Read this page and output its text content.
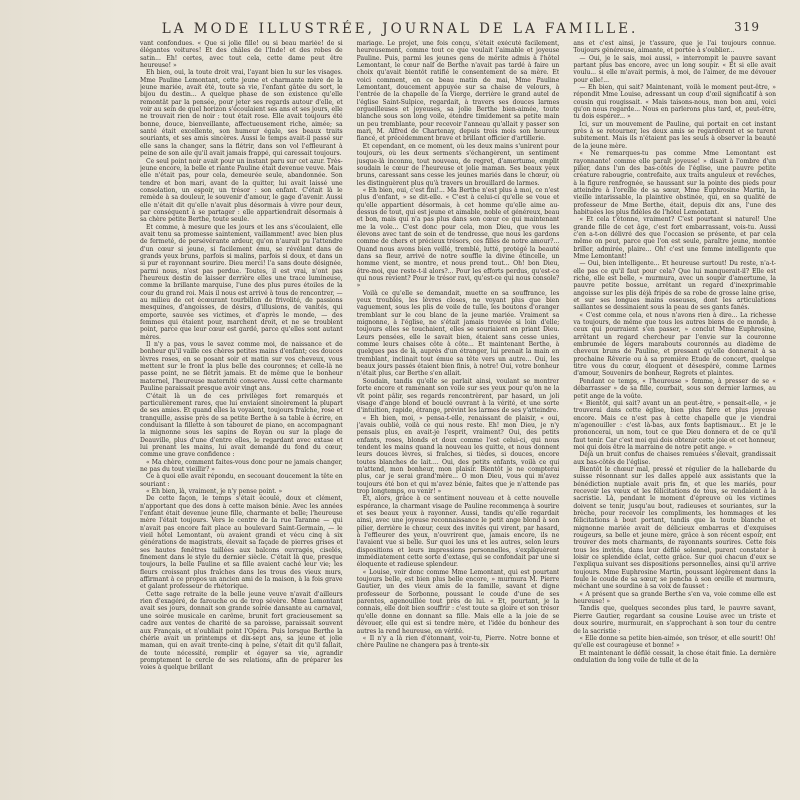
LA MODE ILLUSTRÉE, JOURNAL DE LA FAMILLE.	319

vant confondues. « Que si jolie fille! ou si beau mariée! de si élégantes voitures! Et des châles de l'Inde! et des robes de satin... Eh! certes, avec tout cela, cette dame peut être heureuse! »

Eh bien, oui, la toute droit vrai, l'ayant bien lu sur les visages. Mme Pauline Lemontant, cette jeune et charmante mère de la jeune mariée, avait été, toute sa vie, l'enfant gâtée du sort, le bijou du destin... A quelque phase de son existence qu'elle remontât par la pensée, pour jeter ses regards autour d'elle, et voir au sein de quel horizon s'écoulaient ses ans et ses jours, elle ne trouvait rien de noir : tout était rose. Elle avait toujours été bonne, douce, bienveillante, affectueusement riche, aimée; sa santé était excellente, son humeur égale, ses beaux traits souriants, et ses amis sincères. Aussi le temps avait-il passé sur elle sans la changer, sans la flétrir, dans son vol l'effleurant à peine de son aile qu'il avait jamais frappé, qui caressait toujours.

Ce seul point noir avait pour un instant paru sur cet azur. Très-jeune encore, la belle et riante Pauline était devenue veuve. Mais elle n'était pas, pour cela, demeurée seule, abandonnée. Son tendre et bon mari, avant de la quitter, lui avait laissé une consolation, un espoir, un trésor : son enfant. C'était là le remède à sa douleur, le souvenir d'amour, le gage d'avenir. Aussi elle n'était dit qu'elle n'avait plus désormais à vivre pour deux, par conséquent à se partager : elle appartiendrait désormais à sa chère petite Berthe, toute seule.

Et comme, à mesure que les jours et les ans s'écoulaient, elle avait tenu sa promesse saintement, vaillamment! avec bien plus de fermeté, de persévérante ardeur, qu'on n'aurait pu l'attendre d'un cœur si jeune, si facilement ému, se révélant dans de grands yeux bruns, parfois si malins, parfois si doux, et dans un si pur et rayonnant sourire. Dieu merci! l'a sans doute désignée, parmi nous, n'est pas perdue. Toutes, il est vrai, n'ont pas l'heureux destin de laisser derrière elles une trace lumineuse, comme la brillante marquise, l'une des plus pures étoiles de la cour du grand roi. Mais il nous est arrivé à tous de rencontrer, — au milieu de cet écœurant tourbillon de frivolité, de passions mesquines, d'angoisses, de désirs, d'illusions, de vanités, qui emporte, sauvée ses victimes, et d'après le monde, — des femmes qui étaient pour, marchent droit, et ne se troublent point, parce que leur cœur est gardé, parce qu'elles sont autant mères.

Il n'y a pas, vous le savez comme moi, de naissance et de bonheur qu'il vaille ces chères petites mains d'enfant; ces douces lèvres roses, en se posant soir et matin sur vos cheveux, vous mettent sur le front la plus belle des couronnes; et celle-là ne passe point, ne se flétrit jamais. Et de même que le bonheur maternel, l'heureuse maternité conserve. Aussi cette charmante Pauline paraissait presque avoir vingt ans.

C'était là un de ces privilèges fort remarqués et particulièrement rares, que lui enviaient sincèrement la plupart de ses amies. Et quand elles la voyaient, toujours fraîche, rose et tranquille, assise près de sa petite Berthe à sa table à écrire, en conduisant la fillette à son tabouret de piano, en accompagnant la mignonne sous les sapins de Royan ou sur la plage de Deauville, plus d'une d'entre elles, le regardant avec extase et lui prenant les mains, lui avait demandé du fond du cœur, comme une grave confidence :

« Ma chère, comment faites-vous donc pour ne jamais changer, ne pas du tout vieillir? »

Ce à quoi elle avait répondu, en secouant doucement la tête en souriant :

« Eh bien, là, vraiment, je n'y pense point. »

De cette façon, le temps s'était écoulé, doux et clément, n'apportant que des dons à cette maison bénie. Avec les années l'enfant était devenue jeune fille, charmante et belle; l'heureuse mère l'était toujours. Vers le centre de la rue Taranne — qui n'avait pas encore fait place au boulevard Saint-Germain, — le vieil hôtel Lemontant, où avaient grandi et vécu cinq à six générations de magistrats, élevait sa façade de pierres grises et ses hautes fenêtres taillées aux balcons ouvragés, ciselés, finement dans le style du dernier siècle. C'était là que, presque toujours, la belle Pauline et sa fille avaient caché leur vie; les fleurs croissant plus fraîches dans les trous des vieux murs, affirmant à ce propos un ancien ami de la maison, à la fois grave et galant professeur de rhétorique.

Cette sage retraite de la belle jeune veuve n'avait d'ailleurs rien d'exagéré, de farouche ou de trop sévère. Mme Lemontant avait ses jours, donnait son grande soirée dansante au carnaval, une soirée musicale en carême, brunit fort gracieusement sa cadre aux ventes de charité de sa paroisse, paraissait souvent aux Français, et n'oubliait point l'Opéra. Puis lorsque Berthe la chérie avait un printemps et dix-sept ans, sa jeune et jolie maman, qui en avait trente-cinq à peine, s'était dit qu'il fallait, de toute nécessité, remplir et égayer sa vie, agrandir promptement le cercle de ses relations, afin de préparer les voies à quelque brillant

mariage. Le projet, une fois conçu, s'était exécuté facilement, heureusement, comme tout ce que voulait l'aimable et joyeuse Pauline. Puis, parmi les jeunes gens de mérite admis à l'hôtel Lemontant, le cœur naïf de Berthe n'avait pas tardé à faire un choix qu'avait bientôt ratifié le consentement de sa mère. Et voici comment, en ce beau matin de mai, Mme Pauline Lemontant, doucement appuyée sur sa chaise de velours, à l'entrée de la chapelle de la Vierge, derrière le grand autel de l'église Saint-Sulpice, regardait, à travers ses douces larmes orgueilleuses et joyeuses, sa jolie Berthe bien-aimée, toute blanche sous son long voile, étendre timidement sa petite main un peu tremblante, pour recevoir l'anneau qu'allait y passer son mari, M. Alfred de Chartenay, depuis trois mois son heureux fiancé, et précédemment brave et brillant officier d'artillerie.

Et cependant, en ce moment, où les deux mains s'unirent pour toujours, où les deux serments s'échangèrent, un sentiment jusque-là inconnu, tout nouveau, de regret, d'amertume, emplit soudain le cœur de l'heureuse et jolie maman. Ses beaux yeux bruns, caressant sans cesse les jeunes mariés dans le chœur, où les distinguèrent plus qu'à travers un brouillard de larmes.

« Eh bien, oui, c'est fini!... Ma Berthe n'est plus à moi, ce n'est plus d'enfant, » se dit-elle. « C'est à celui-ci qu'elle se voue et qu'elle appartient désormais, à cet homme qu'elle aime au-dessus de tout, qui est jeune et aimable, noble et généreux, beau et bon, mais qui n'a pas plus dans son cœur ce qui maintenant me la vole... C'est donc pour cela, mon Dieu, que vous les élevons avec tant de soin et de tendresse, que nous les gardons comme de chers et précieux trésors, ces filles de notre amour?... Quand nous avons bien veillé, tremblé, lutté, protégé la beauté dans sa fleur, arrivé de notre souffle la divine étincelle, un homme vient, se montre, et nous prend tout... Oh! bon Dieu, être-moi, que reste-t-il alors?... Pour les efforts perdus, qu'est-ce qui nous revient? Pour le trésor ravi, qu'est-ce qui nous console? »

Voilà ce qu'elle se demandait, muette en sa souffrance, les yeux troublés, les lèvres closes, ne voyant plus que bien vaguement, sous les plis de voile de tulle, les boutons d'oranger tremblant sur le cou blanc de la jeune mariée. Vraiment sa mignonne, à l'église, ne s'était jamais trouvée si loin d'elle; toujours elles se touchaient, elles se souriaient en priant Dieu. Leurs pensées, elle le savait bien, étaient sans cesse unies, comme leurs chaises côte à côte... Et maintenant Berthe, à quelques pas de là, auprès d'un étranger, lui prenait la main en tremblant, inclinait tout émue sa tête vers un autre... Oui, les beaux jours passés étaient bien finis, à notre! Oui, votre bonheur n'était plus, car Berthe s'en allait.

Soudain, tandis qu'elle se parlait ainsi, voulant se montrer forte encore et ramenant son voile sur ses yeux pour qu'on ne la vît point pâlir, ses regards rencontrèrent, par hasard, un joli visage d'ange blond et bouclé ouvrant à la vérité, et une sorte d'intuition, rapide, étrange, prévint les larmes de ses y'atteindre.

« Eh bien, moi, » pensa-t-elle, renaissant de plaisir, « oui, j'avais oublié, voilà ce qui nous reste. Eh! mon Dieu, je n'y pensais plus, en avait-je l'esprit, vraiment? Oui, des petits enfants, roses, blonds et doux comme l'est celui-ci, qui nous tendent les mains quand la nouveau les quitte, et nous donnent leurs douces lèvres, si fraîches, si tièdes, si douces, encore toutes blanches de lait.... Oui, des petits enfants, voilà ce qui m'attend, mon bonheur, mon plaisir. Bientôt je ne compterai plus, car je serai grand'mère... O mon Dieu, vous qui m'avez toujours été bon et qui m'avez bénie, faites que je n'attende pas trop longtemps, ou venir! »

Et, alors, grâce à ce sentiment nouveau et à cette nouvelle espérance, la charmant visage de Pauline recommença à sourire et ses beaux yeux à rayonner. Aussi, tandis qu'elle regardait ainsi, avec une joyeuse reconnaissance le petit ange blond à son pilier, derrière le chœur, ceux des invités qui virent, par hasard, à l'effleurer des yeux, n'ouvrirent que, jamais encore, ils ne l'avaient vue si belle. Sur quoi les uns et les autres, selon leurs dispositions et leurs impressions personnelles, s'expliquèrent immédiatement cette sorte d'extase, qui se confondait par une si éloquente et radieuse splendeur.

« Louise, voir donc comme Mme Lemontant, qui est pourtant toujours belle, est bien plus belle encore, » murmura M. Pierre Gautier, un des vieux amis de la famille, savant et digne professeur de Sorbonne, poussant le coude d'une de ses parentes, agenouillée tout près de lui. « Et, pourtant, je la connais, elle doit bien souffrir : c'est toute sa gloire et son trésor qu'elle donne en donnant sa fille. Mais elle a la joie de se dévouer, elle qui est si tendre mère, et l'idée du bonheur des autres la rend heureuse, en vérité.

« Il n'y a là rien d'étonnant, voir-tu, Pierre. Notre bonne et chère Pauline ne changera pas à trente-six

ans et c'est ainsi, je t'assure, que je l'ai toujours connue. Toujours généreuse, aimante, et portée à s'oublier...

— Oui, je le sais, moi aussi, » interrompit le pauvre savant partant plus bas encore, avec un long soupir. « Et si elle avait voulu... si elle m'avait permis, à moi, de l'aimer, de me dévouer pour elle!...

— Eh bien, qui sait? Maintenant, voilà le moment peut-être, » répondit Mme Louise, adressant un coup d'œil significatif à son cousin qui rougissait. « Mais taisons-nous, mon bon ami, voici qu'on nous regarde... Nous en parlerons plus tard, et, peut-être, tu dois espérer... »

Ici, sur un mouvement de Pauline, qui portait en cet instant près à se retourner, les deux amis se regardèrent et se turent subitement. Mais ils n'étaient pas les seuls à observer la beauté de la jeune mère.

« Ne remarques-tu pas comme Mme Lemontant est rayonnante! comme elle paraît joyeuse! » disait à l'ombre d'un pilier, dans l'un des bas-côtés de l'église, une pauvre petite créature rabougrie, contrefaite, aux traits anguleux et revêches, à la figure renfrognée, se haussant sur la pointe des pieds pour atteindre à l'oreille de sa sœur, Mme Euphrosine Martin, la vieille intarissable, la plaintive obstinée, qui, en sa qualité de professeur de Mme Berthe, était, depuis dix ans, l'une des habituées les plus fidèles de l'hôtel Lemontant.

« Et cela t'étonne, vraiment? C'est pourtant si naturel! Une grande fille de cet âge, c'est fort embarrassant, vois-tu. Aussi c'en a-t-on délivré des que l'occasion se présente, et par cela même on peut, parce que l'on est seule, paraître jeune, montée briller, admirée, plaire... Oh! c'est une femme intelligente que Mme Lemontant!

— Oui, bien intelligente... Et heureuse surtout! Du reste, n'a-t-elle pas ce qu'il faut pour cela? Que lui manquerait-il? Elle est riche, elle est belle, » murmura, avec un soupir d'amertume, la pauvre petite bossue, arrêtant un regard d'inexprimable angoisse sur les plis déjà fripés de sa robe de grosse laine grise, et sur ses longues mains osseuses, dont les articulations saillantes se dessinaient sous la peau de ses gants fanés.

« C'est comme cela, et nous n'avons rien à dire... La richesse va toujours, de même que tous les autres biens de ce monde, à ceux qui pourraient s'en passer, » conclut Mme Euphrosine, arrêtant un regard chercheur par l'envie sur la couronne embrumée de légers marabouts couronnés au diadème de cheveux bruns de Pauline, et pressant qu'elle donnerait à sa prochaine Rêverie ou à sa première Etude de concert, quelque titre vous du cœur, éloquent et désespéré, comme Larmes d'amour, Souvenirs de bonheur, Regrets et plaintes.

Pendant ce temps, « l'heureuse » femme, à presser de se « débarrasser » de sa fille, courbait, sous son dernier larmes, au petit ange de la voûte.

« Bientôt, qui sait? avant un an peut-être, » pensait-elle, « je trouverai dans cette église, bien plus fière et plus joyeuse encore. Mais ce n'est pas à cette chapelle que je viendrai m'agenouiller : c'est là-bas, aux fonts baptismaux... Et je le prononcerai, un nom, tout ce que Dieu donnera et de ce qu'il faut tenir. Car c'est moi qui dois obtenir cette joie et cet honneur, moi qui dois être la marraine de notre petit ange. »

Déjà un bruit confus de chaises remuées s'élevait, grandissait aux bas-côtés de l'église.

Bientôt le chœur mal, pressé et régulier de la hallebarde du suisse résonnant sur les dalles appelé aux assistants que la bénédiction nuptiale avait pris fin, et que les mariés, pour recevoir les vœux et les félicitations de tous, se rendaient à la sacristie. Là, pendant le moment d'épreuve où les victimes doivent se tenir, jusqu'au bout, radieuses et souriantes, sur la brèche, pour recevoir les compliments, les hommages et les félicitations à bout portant, tandis que la toute blanche et mignonne mariée avait de délicieux embarras et d'exquises rougeurs, sa belle et jeune mère, grâce à son récent espoir, ent trouver des mots charmants, de rayonnants sourires. Cette fois tous les invités, dans leur défilé solennel, purent constater à loisir ce splendide éclat, cette grâce. Sur quoi chacun d'eux se l'expliqua suivant ses dispositions personnelles, ainsi qu'il arrive toujours. Mme Euphrosine Martin, poussant légèrement dans la foule le coude de sa sœur, se pencha à son oreille et murmura, méchant une sourdine à sa voix de fausset :

« A présent que sa grande Berthe s'en va, voie comme elle est heureuse! »

Tandis que, quelques secondes plus tard, le pauvre savant, Pierre Gautier, regardant sa cousine Louise avec un triste et doux sourire, murmurait, en s'approchant à son tour du centre de la sacristie :

« Elle donne sa petite bien-aimée, son trésor, et elle sourit! Oh! qu'elle est courageuse et bonne! »

Et maintenant le défilé cessait, la chose était finie. La dernière ondulation du long voile de tulle et de la
